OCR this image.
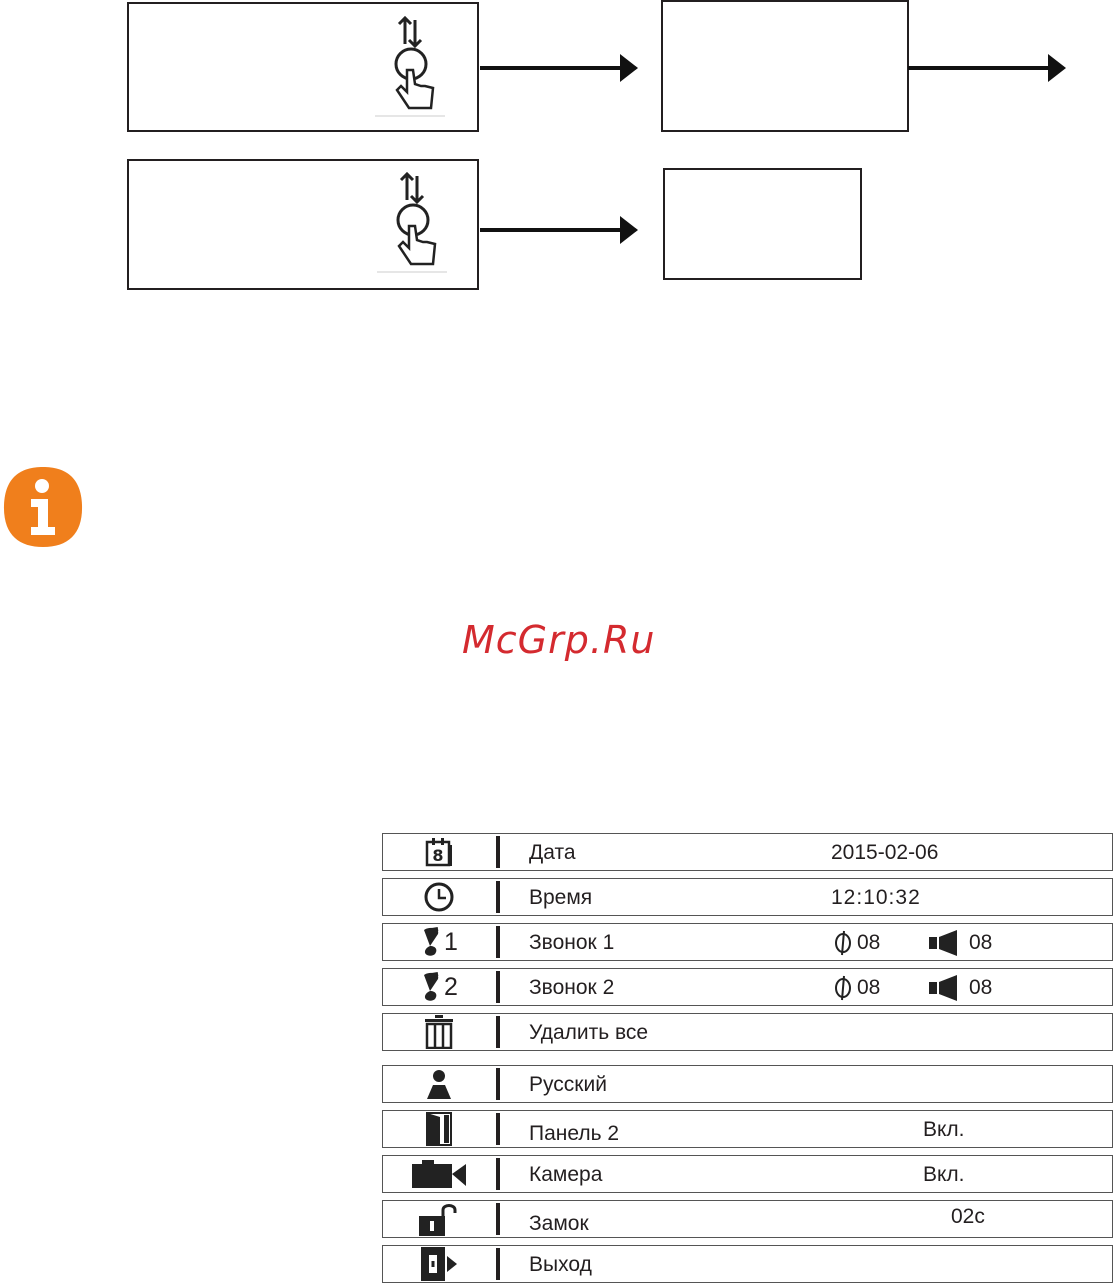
McGrp.Ru
8	Дата	2015-02-06
Время	12:10:32
1	Звонок 1	08	08
2	Звонок 2	08	08
Удалить все
Русский
Панель 2	Вкл.
Камера	Вкл.
Замок	02с
Выход
